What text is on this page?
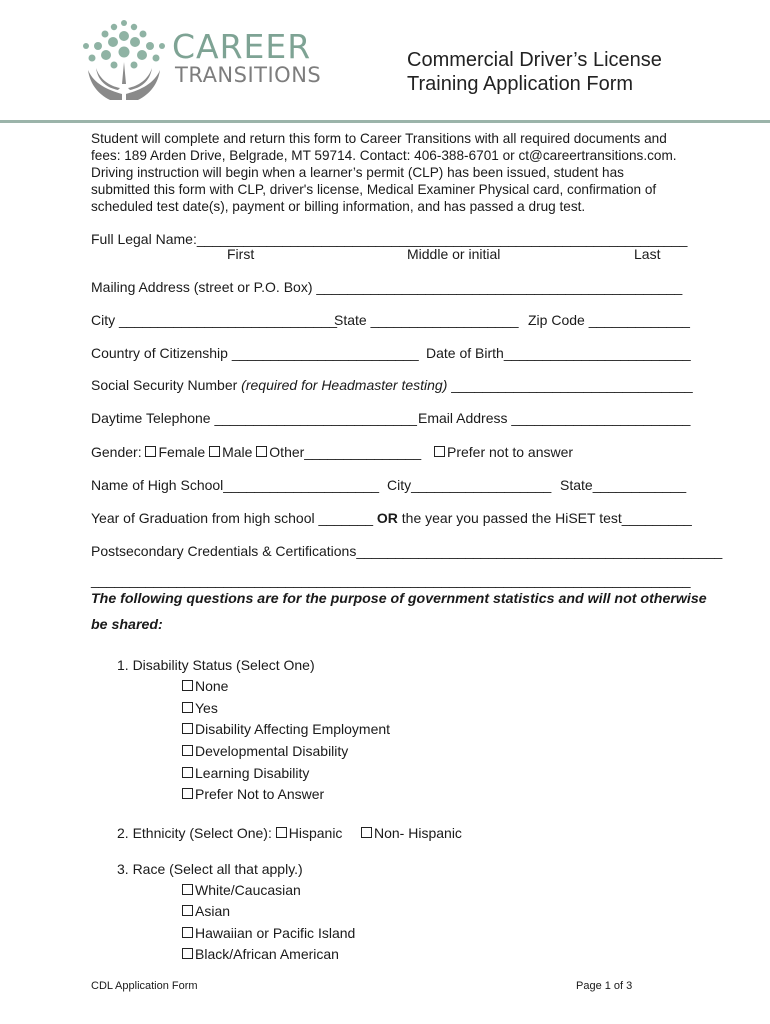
CAREER
TRANSITIONS
Commercial Driver’s License
Training Application Form
Student will complete and return this form to Career Transitions with all required documents and
fees: 189 Arden Drive, Belgrade, MT 59714. Contact: 406-388-6701 or ct@careertransitions.com.
Driving instruction will begin when a learner’s permit (CLP) has been issued, student has
submitted this form with CLP, driver's license, Medical Examiner Physical card, confirmation of
scheduled test date(s), payment or billing information, and has passed a drug test.
Full Legal Name:_______________________________________________________________
First	Middle or initial	Last
Mailing Address (street or P.O. Box) _______________________________________________
City ____________________________
State ___________________ Zip Code _____________
Country of Citizenship ________________________ Date of Birth________________________
Social Security Number (required for Headmaster testing) _______________________________
Daytime Telephone __________________________ Email Address _______________________
Gender: Female Male Other_______________	Prefer not to answer
Name of High School____________________ City__________________ State____________
Year of Graduation from high school _______ OR the year you passed the HiSET test_________
Postsecondary Credentials & Certifications_______________________________________________
_____________________________________________________________________________
The following questions are for the purpose of government statistics and will not otherwise
be shared:
1. Disability Status (Select One)
None
Yes
Disability Affecting Employment
Developmental Disability
Learning Disability
Prefer Not to Answer
2. Ethnicity (Select One): Hispanic	Non- Hispanic
3. Race (Select all that apply.)
White/Caucasian
Asian
Hawaiian or Pacific Island
Black/African American
CDL Application Form	Page 1 of 3
